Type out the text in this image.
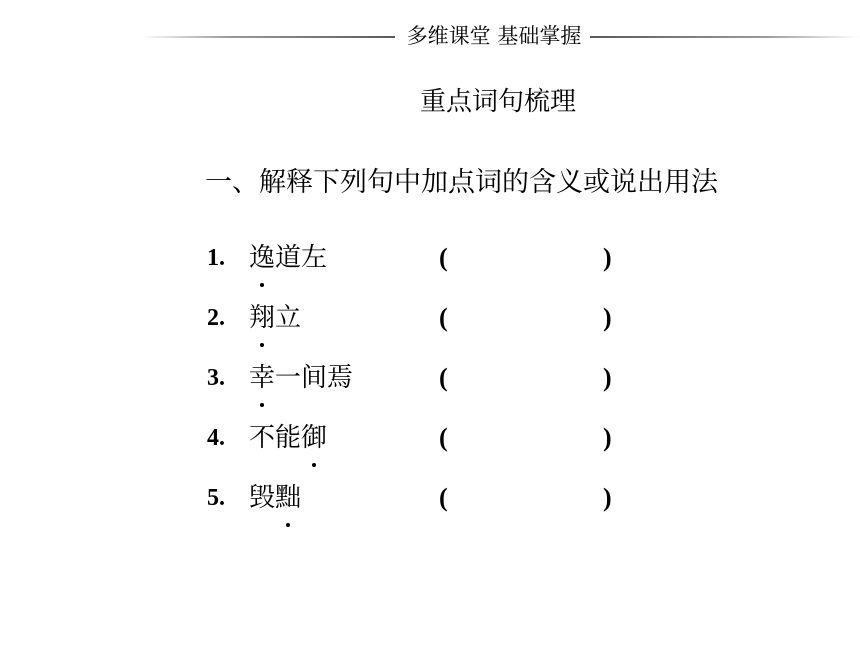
多维课堂 基础掌握
重点词句梳理
一、解释下列句中加点词的含义或说出用法
1. 逸道左	(	)
2. 翔立	(	)
3. 幸一间焉	(	)
4. 不能御	(	)
5. 毁黜	(	)
